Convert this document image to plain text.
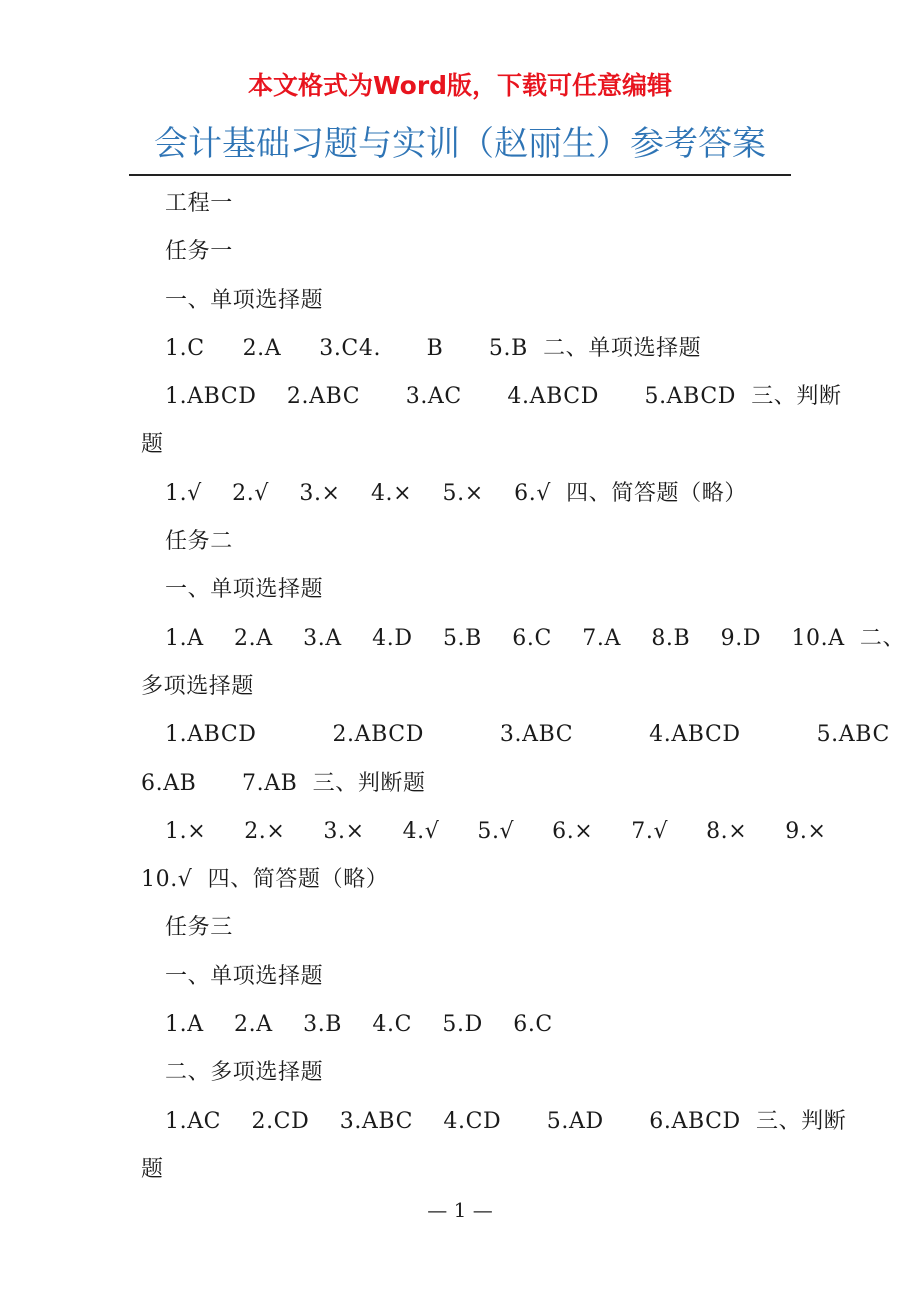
本文格式为Word版，下载可任意编辑
会计基础习题与实训（赵丽生）参考答案
工程一
任务一
一、单项选择题
1.C     2.A     3.C4.      B      5.B  二、单项选择题
1.ABCD    2.ABC      3.AC      4.ABCD      5.ABCD  三、判断
题
1.√    2.√    3.×    4.×    5.×    6.√  四、简答题（略）
任务二
一、单项选择题
1.A    2.A    3.A    4.D    5.B    6.C    7.A    8.B    9.D    10.A  二、
多项选择题
1.ABCD          2.ABCD          3.ABC          4.ABCD          5.ABC
6.AB      7.AB  三、判断题
1.×     2.×     3.×     4.√     5.√     6.×     7.√     8.×     9.×
10.√  四、简答题（略）
任务三
一、单项选择题
1.A    2.A    3.B    4.C    5.D    6.C
二、多项选择题
1.AC    2.CD    3.ABC    4.CD      5.AD      6.ABCD  三、判断
题
— 1 —
